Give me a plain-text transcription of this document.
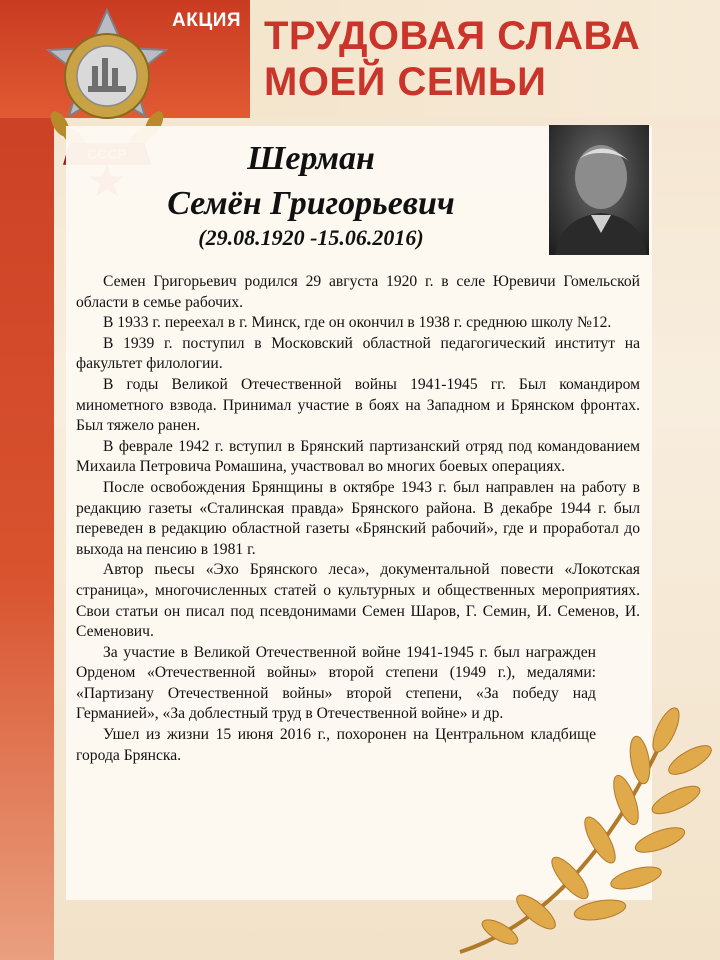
АКЦИЯ ТРУДОВАЯ СЛАВА
МОЕЙ СЕМЬИ
Шерман
Семён Григорьевич
(29.08.1920 -15.06.2016)

Семен Григорьевич родился 29 августа 1920 г. в селе Юревичи Гомельской области в семье рабочих.

В 1933 г. переехал в г. Минск, где он окончил в 1938 г. среднюю школу №12.

В 1939 г. поступил в Московский областной педагогический институт на факультет филологии.

В годы Великой Отечественной войны 1941-1945 гг. Был командиром минометного взвода. Принимал участие в боях на Западном и Брянском фронтах. Был тяжело ранен.

В феврале 1942 г. вступил в Брянский партизанский отряд под командованием Михаила Петровича Ромашина, участвовал во многих боевых операциях.

После освобождения Брянщины в октябре 1943 г. был направлен на работу в редакцию газеты «Сталинская правда» Брянского района. В декабре 1944 г. был переведен в редакцию областной газеты «Брянский рабочий», где и проработал до выхода на пенсию в 1981 г.

Автор пьесы «Эхо Брянского леса», документальной повести «Локотская страница», многочисленных статей о культурных и общественных мероприятиях. Свои статьи он писал под псевдонимами Семен Шаров, Г. Семин, И. Семенов, И. Семенович.

За участие в Великой Отечественной войне 1941-1945 г. был награжден Орденом «Отечественной войны» второй степени (1949 г.), медалями: «Партизану Отечественной войны» второй степени, «За победу над Германией», «За доблестный труд в Отечественной войне» и др.

Ушел из жизни 15 июня 2016 г., похоронен на Центральном кладбище города Брянска.
